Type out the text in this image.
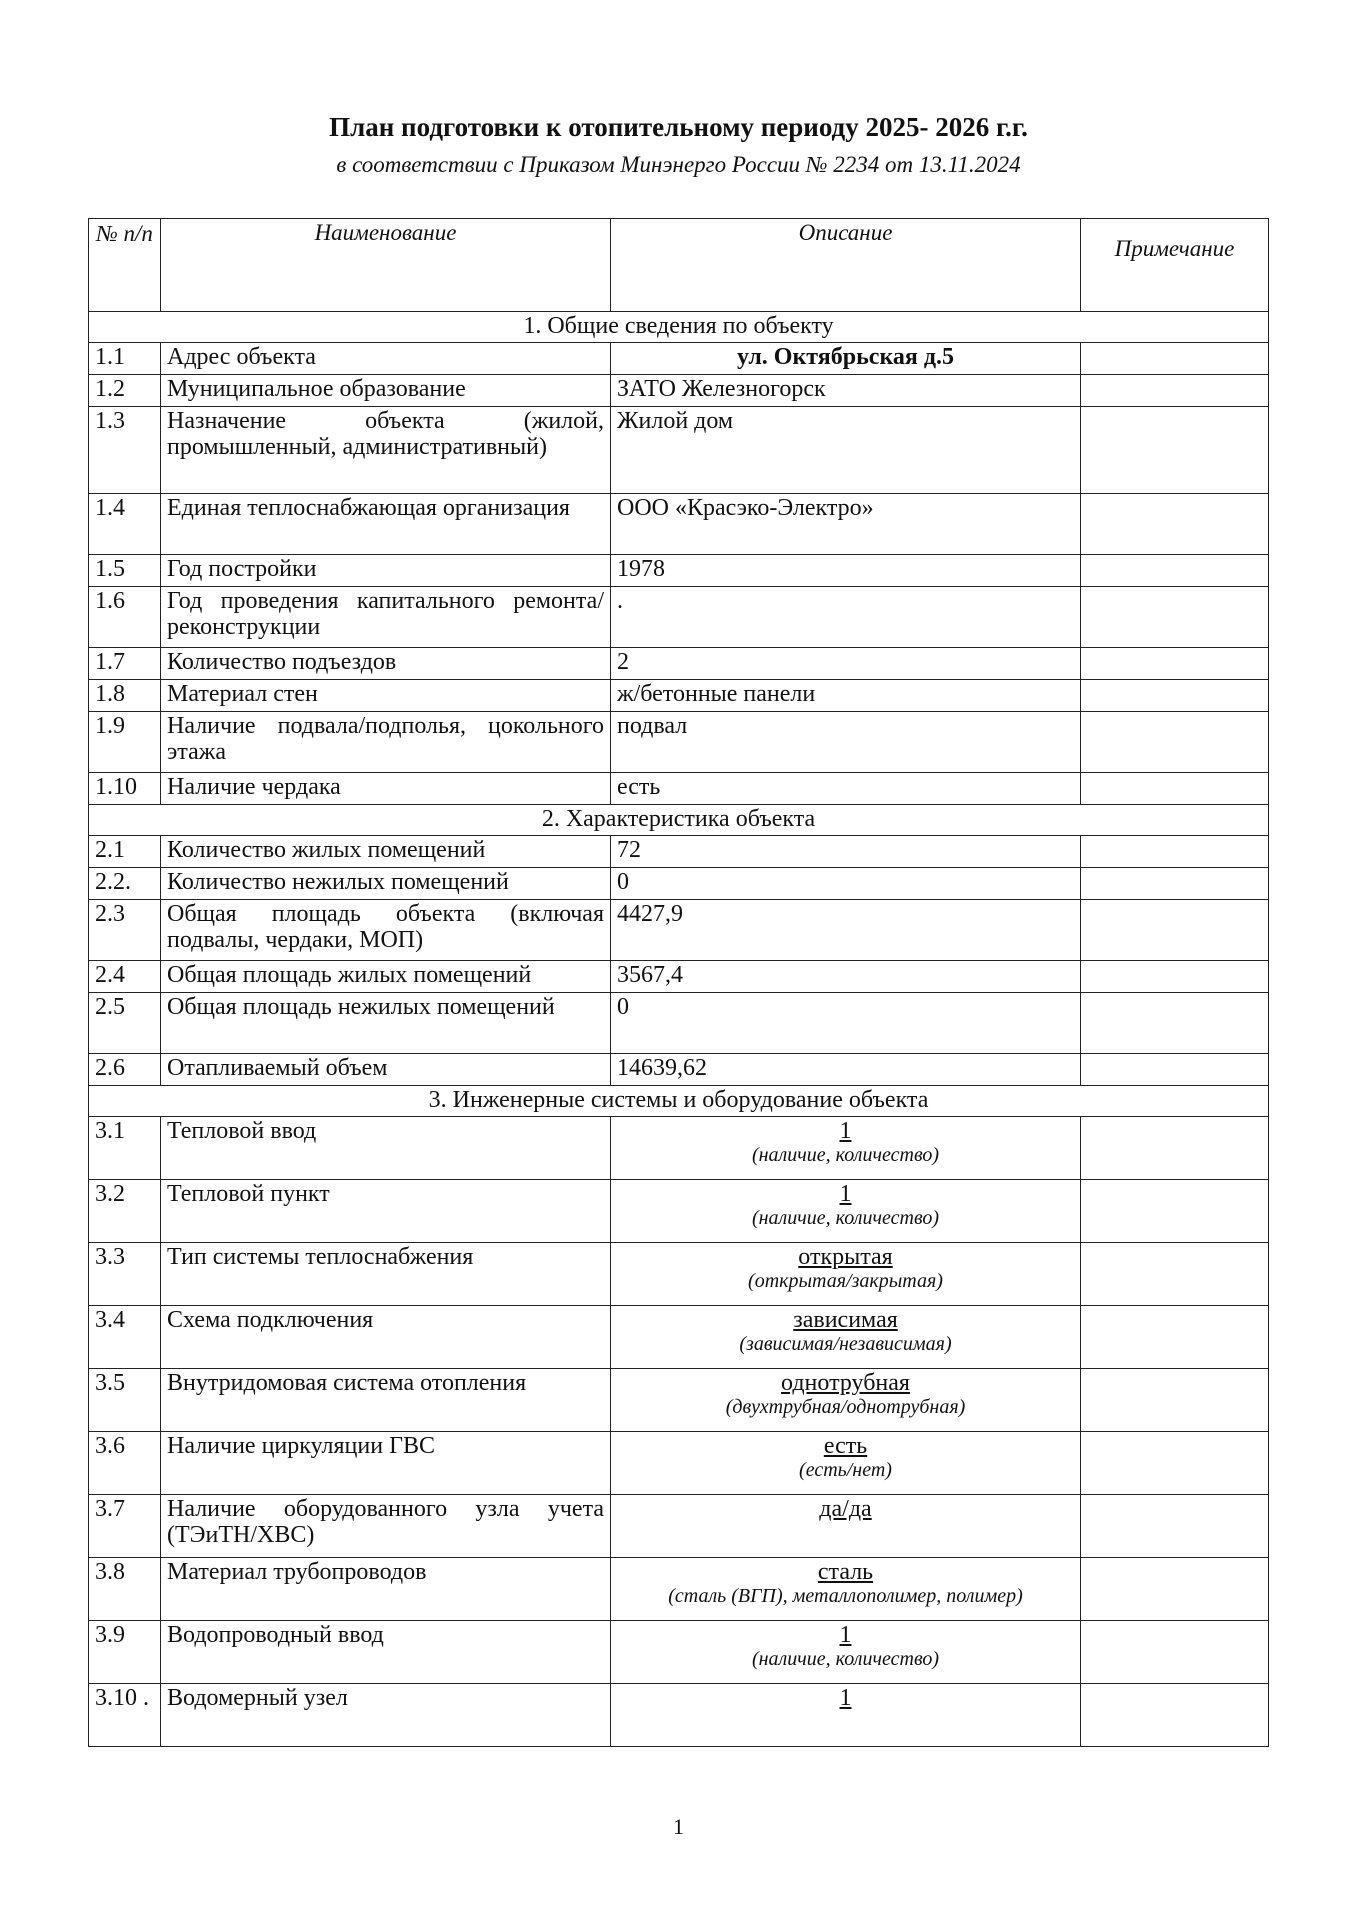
План подготовки к отопительному периоду 2025- 2026 г.г.
в соответствии с Приказом Минэнерго России № 2234 от 13.11.2024
№ п/п	Наименование	Описание	Примечание
1. Общие сведения по объекту			
1.1	Адрес объекта	ул. Октябрьская д.5	
1.2	Муниципальное образование	ЗАТО Железногорск	
1.3	Назначение объекта (жилой, промышленный, административный)	Жилой дом	
1.4	Единая теплоснабжающая организация	ООО «Красэко-Электро»	
1.5	Год постройки	1978	
1.6	Год проведения капитального ремонта/реконструкции	.	
1.7	Количество подъездов	2	
1.8	Материал стен	ж/бетонные панели	
1.9	Наличие подвала/подполья, цокольного этажа	подвал	
1.10	Наличие чердака	есть	
2. Характеристика объекта			
2.1	Количество жилых помещений	72	
2.2.	Количество нежилых помещений	0	
2.3	Общая площадь объекта (включая подвалы, чердаки, МОП)	4427,9	
2.4	Общая площадь жилых помещений	3567,4	
2.5	Общая площадь нежилых помещений	0	
2.6	Отапливаемый объем	14639,62	
3. Инженерные системы и оборудование объекта			
3.1	Тепловой ввод	1
(наличие, количество)	

3.2	Тепловой пункт	1
(наличие, количество)	

3.3	Тип системы теплоснабжения	открытая
(открытая/закрытая)	

3.4	Схема подключения	зависимая
(зависимая/независимая)	

3.5	Внутридомовая система отопления	однотрубная
(двухтрубная/однотрубная)	

3.6	Наличие циркуляции ГВС	есть
(есть/нет)	

3.7	Наличие оборудованного узла учета (ТЭиТН/ХВС)	да/да	

3.8	Материал трубопроводов	сталь
(сталь (ВГП), металлополимер, полимер)	

3.9	Водопроводный ввод	1
(наличие, количество)	

3.10 .	Водомерный узел	1	

1
